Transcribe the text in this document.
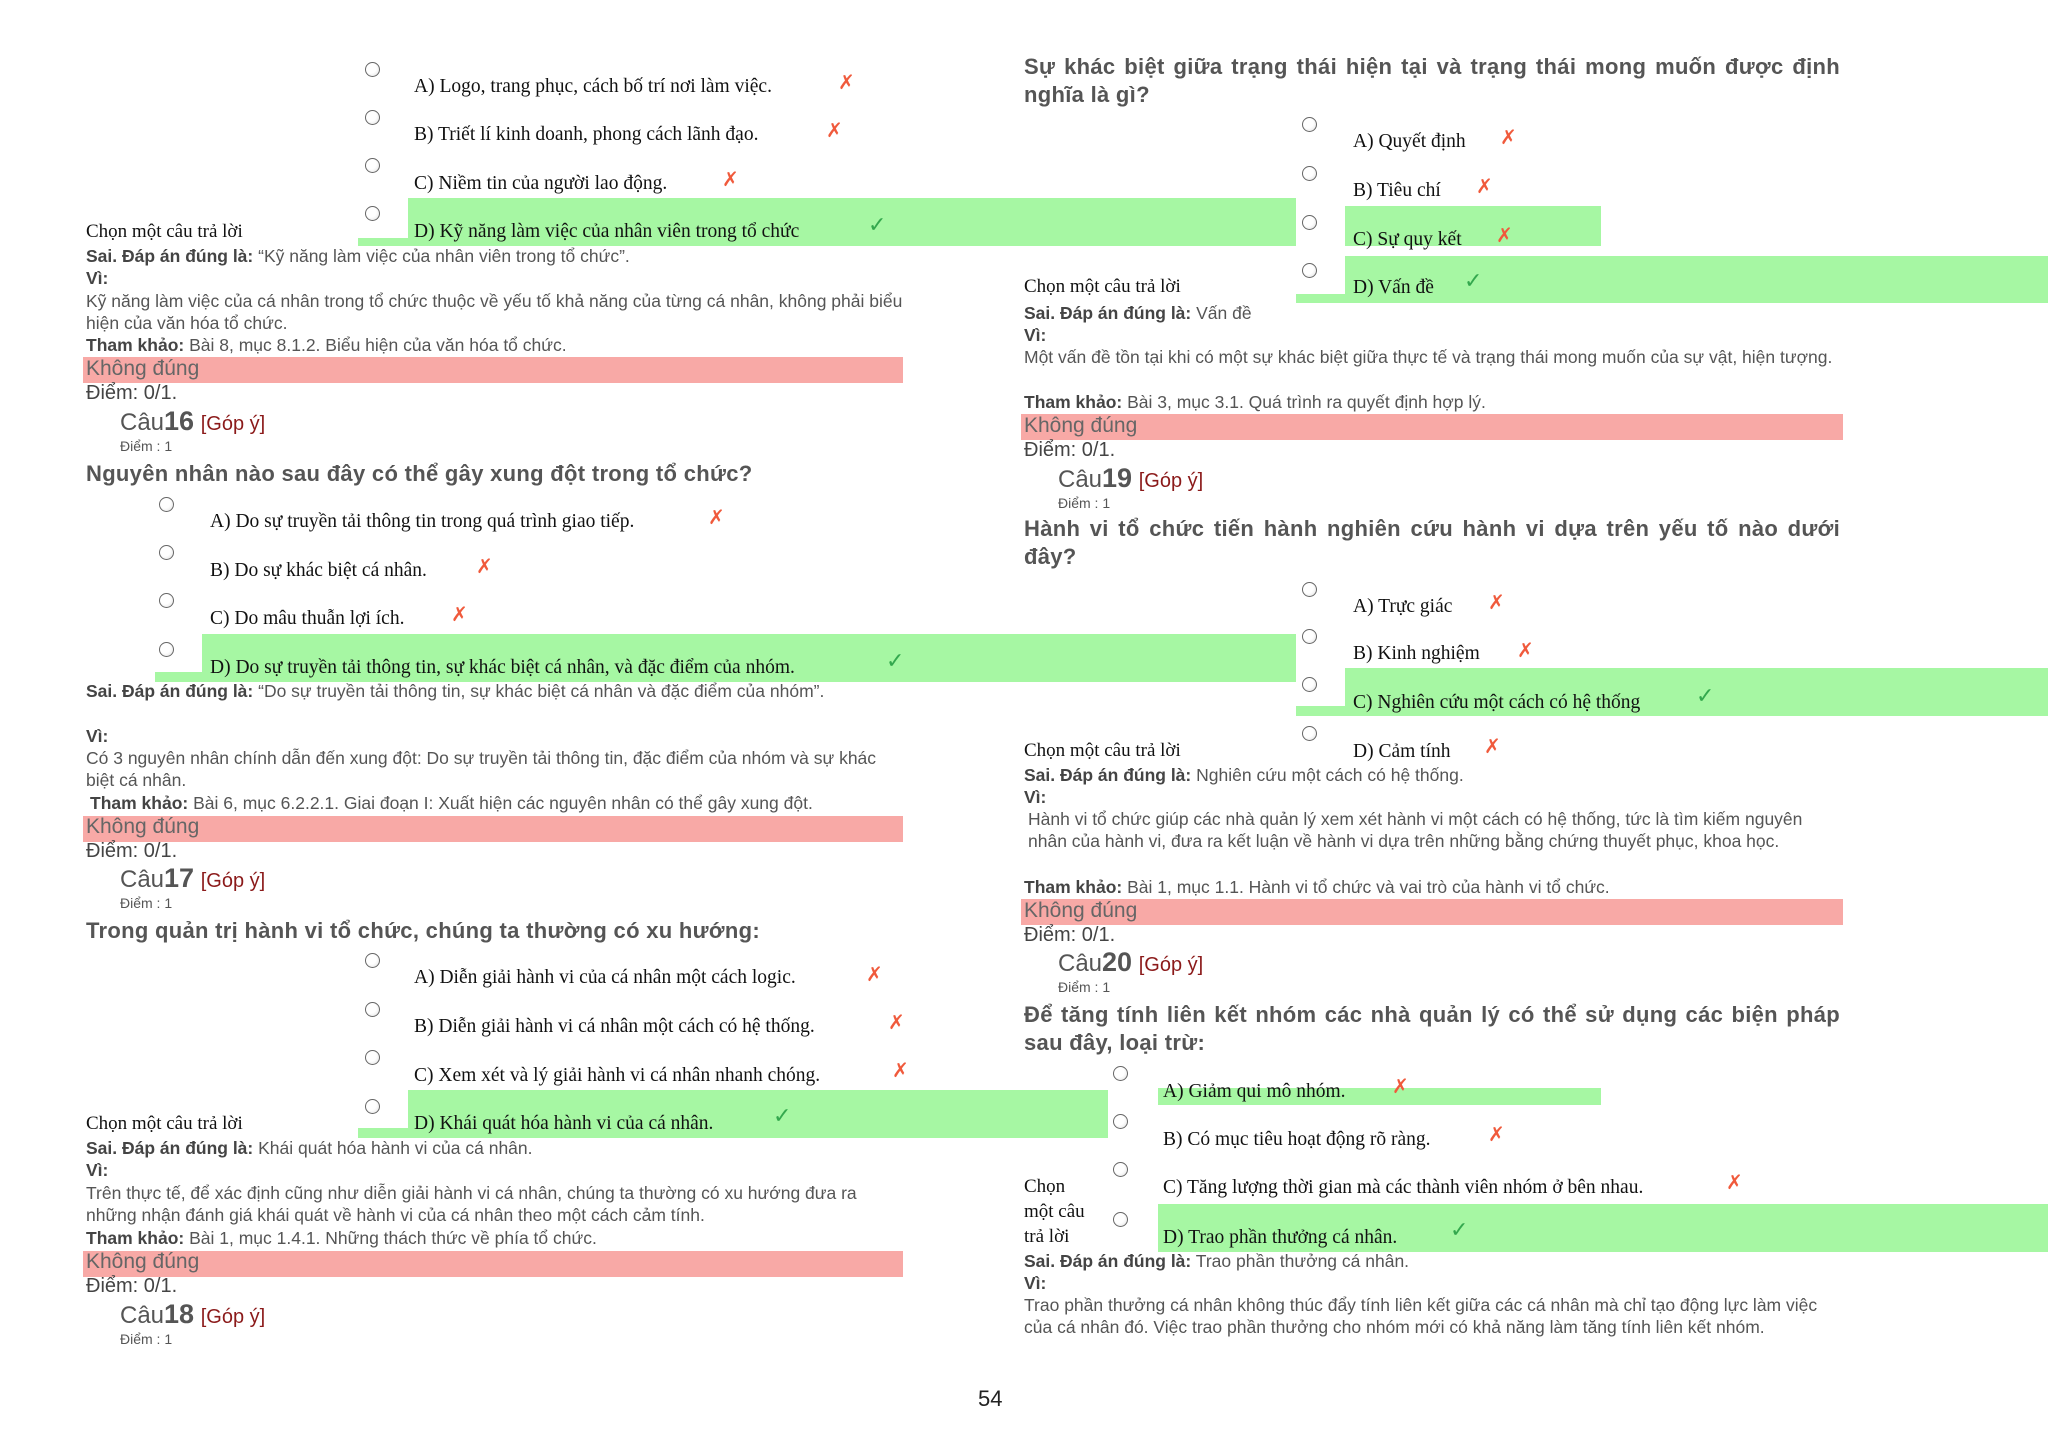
A) Logo, trang phục, cách bố trí nơi làm việc.	✗
B) Triết lí kinh doanh, phong cách lãnh đạo.	✗
C) Niềm tin của người lao động.	✗
Chọn một câu trả lời	D) Kỹ năng làm việc của nhân viên trong tổ chức	✓
Sai. Đáp án đúng là: “Kỹ năng làm việc của nhân viên trong tổ chức”.
Vì:
Kỹ năng làm việc của cá nhân trong tổ chức thuộc về yếu tố khả năng của từng cá nhân, không phải biểu hiện của văn hóa tổ chức.
Tham khảo: Bài 8, mục 8.1.2. Biểu hiện của văn hóa tổ chức.
Không đúng
Điểm: 0/1.
Câu16 [Góp ý]
Điểm : 1
Nguyên nhân nào sau đây có thể gây xung đột trong tổ chức?
A) Do sự truyền tải thông tin trong quá trình giao tiếp.	✗
B) Do sự khác biệt cá nhân. ✗
C) Do mâu thuẫn lợi ích. ✗
D) Do sự truyền tải thông tin, sự khác biệt cá nhân, và đặc điểm của nhóm.	✓
Sai. Đáp án đúng là: “Do sự truyền tải thông tin, sự khác biệt cá nhân và đặc điểm của nhóm”.
Vì:
Có 3 nguyên nhân chính dẫn đến xung đột: Do sự truyền tải thông tin, đặc điểm của nhóm và sự khác biệt cá nhân.
Tham khảo: Bài 6, mục 6.2.2.1. Giai đoạn I: Xuất hiện các nguyên nhân có thể gây xung đột.
Không đúng
Điểm: 0/1.
Câu17 [Góp ý]
Điểm : 1
Trong quản trị hành vi tổ chức, chúng ta thường có xu hướng:
A) Diễn giải hành vi của cá nhân một cách logic.	✗
B) Diễn giải hành vi cá nhân một cách có hệ thống.	✗
C) Xem xét và lý giải hành vi cá nhân nhanh chóng.	✗
Chọn một câu trả lời	D) Khái quát hóa hành vi của cá nhân.	✓
Sai. Đáp án đúng là: Khái quát hóa hành vi của cá nhân.
Vì:
Trên thực tế, để xác định cũng như diễn giải hành vi cá nhân, chúng ta thường có xu hướng đưa ra những nhận đánh giá khái quát về hành vi của cá nhân theo một cách cảm tính.
Tham khảo: Bài 1, mục 1.4.1. Những thách thức về phía tổ chức.
Không đúng
Điểm: 0/1.
Câu18 [Góp ý]
Điểm : 1
Sự khác biệt giữa trạng thái hiện tại và trạng thái mong muốn được định nghĩa là gì?
A) Quyết định ✗
B) Tiêu chí ✗
C) Sự quy kết ✗
Chọn một câu trả lời	D) Vấn đề ✓
Sai. Đáp án đúng là: Vấn đề
Vì:
Một vấn đề tồn tại khi có một sự khác biệt giữa thực tế và trạng thái mong muốn của sự vật, hiện tượng.
Tham khảo: Bài 3, mục 3.1. Quá trình ra quyết định hợp lý.
Không đúng
Điểm: 0/1.
Câu19 [Góp ý]
Điểm : 1
Hành vi tổ chức tiến hành nghiên cứu hành vi dựa trên yếu tố nào dưới đây?
A) Trực giác ✗
B) Kinh nghiệm ✗
C) Nghiên cứu một cách có hệ thống	✓
Chọn một câu trả lời	D) Cảm tính ✗
Sai. Đáp án đúng là: Nghiên cứu một cách có hệ thống.
Vì:
Hành vi tổ chức giúp các nhà quản lý xem xét hành vi một cách có hệ thống, tức là tìm kiếm nguyên nhân của hành vi, đưa ra kết luận về hành vi dựa trên những bằng chứng thuyết phục, khoa học.
Tham khảo: Bài 1, mục 1.1. Hành vi tổ chức và vai trò của hành vi tổ chức.
Không đúng
Điểm: 0/1.
Câu20 [Góp ý]
Điểm : 1
Để tăng tính liên kết nhóm các nhà quản lý có thể sử dụng các biện pháp sau đây, loại trừ:
A) Giảm qui mô nhóm. ✗
B) Có mục tiêu hoạt động rõ ràng.	✗
Chọn
một câu
trả lời
C) Tăng lượng thời gian mà các thành viên nhóm ở bên nhau.	✗
D) Trao phần thưởng cá nhân. ✓
Sai. Đáp án đúng là: Trao phần thưởng cá nhân.
Vì:
Trao phần thưởng cá nhân không thúc đẩy tính liên kết giữa các cá nhân mà chỉ tạo động lực làm việc của cá nhân đó. Việc trao phần thưởng cho nhóm mới có khả năng làm tăng tính liên kết nhóm.
54
